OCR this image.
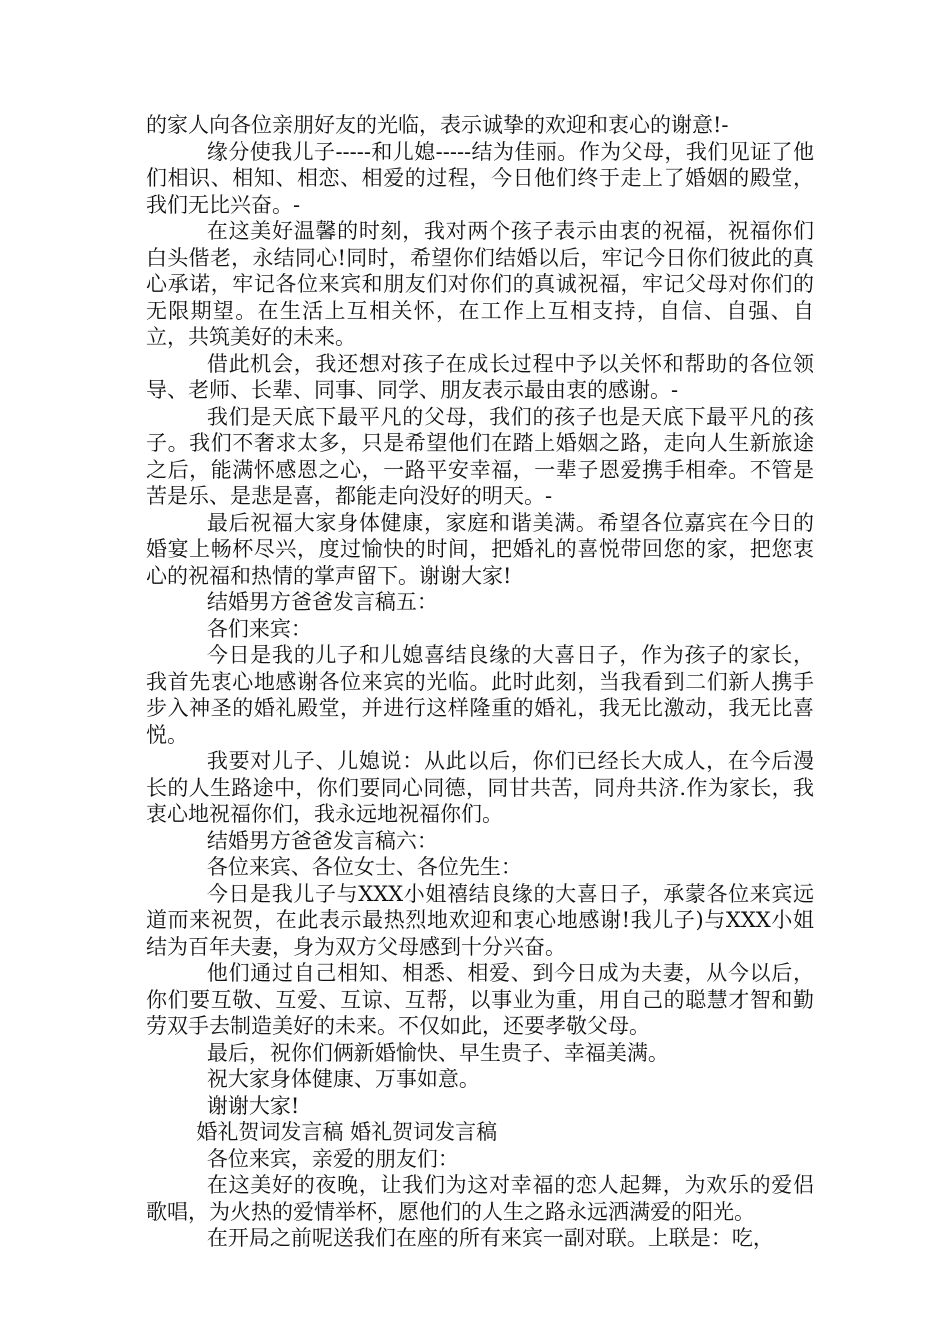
的家人向各位亲朋好友的光临，表示诚挚的欢迎和衷心的谢意!-

缘分使我儿子-----和儿媳-----结为佳丽。作为父母，我们见证了他们相识、相知、相恋、相爱的过程，今日他们终于走上了婚姻的殿堂，我们无比兴奋。-

在这美好温馨的时刻，我对两个孩子表示由衷的祝福，祝福你们白头偕老，永结同心!同时，希望你们结婚以后，牢记今日你们彼此的真心承诺，牢记各位来宾和朋友们对你们的真诚祝福，牢记父母对你们的无限期望。在生活上互相关怀，在工作上互相支持，自信、自强、自立，共筑美好的未来。

借此机会，我还想对孩子在成长过程中予以关怀和帮助的各位领导、老师、长辈、同事、同学、朋友表示最由衷的感谢。-

我们是天底下最平凡的父母，我们的孩子也是天底下最平凡的孩子。我们不奢求太多，只是希望他们在踏上婚姻之路，走向人生新旅途之后，能满怀感恩之心，一路平安幸福，一辈子恩爱携手相牵。不管是苦是乐、是悲是喜，都能走向没好的明天。-

最后祝福大家身体健康，家庭和谐美满。希望各位嘉宾在今日的婚宴上畅杯尽兴，度过愉快的时间，把婚礼的喜悦带回您的家，把您衷心的祝福和热情的掌声留下。谢谢大家!

结婚男方爸爸发言稿五：

各们来宾：

今日是我的儿子和儿媳喜结良缘的大喜日子，作为孩子的家长，我首先衷心地感谢各位来宾的光临。此时此刻，当我看到二们新人携手步入神圣的婚礼殿堂，并进行这样隆重的婚礼，我无比激动，我无比喜悦。

我要对儿子、儿媳说：从此以后，你们已经长大成人，在今后漫长的人生路途中，你们要同心同德，同甘共苦，同舟共济.作为家长，我衷心地祝福你们，我永远地祝福你们。

结婚男方爸爸发言稿六：

各位来宾、各位女士、各位先生：

今日是我儿子与XXX小姐禧结良缘的大喜日子，承蒙各位来宾远道而来祝贺，在此表示最热烈地欢迎和衷心地感谢!我儿子)与XXX小姐结为百年夫妻，身为双方父母感到十分兴奋。

他们通过自己相知、相悉、相爱、到今日成为夫妻，从今以后，你们要互敬、互爱、互谅、互帮，以事业为重，用自己的聪慧才智和勤劳双手去制造美好的未来。不仅如此，还要孝敬父母。

最后，祝你们俩新婚愉快、早生贵子、幸福美满。

祝大家身体健康、万事如意。

谢谢大家!

婚礼贺词发言稿 婚礼贺词发言稿

各位来宾，亲爱的朋友们：

在这美好的夜晚，让我们为这对幸福的恋人起舞，为欢乐的爱侣歌唱，为火热的爱情举杯，愿他们的人生之路永远洒满爱的阳光。

在开局之前呢送我们在座的所有来宾一副对联。上联是：吃，
